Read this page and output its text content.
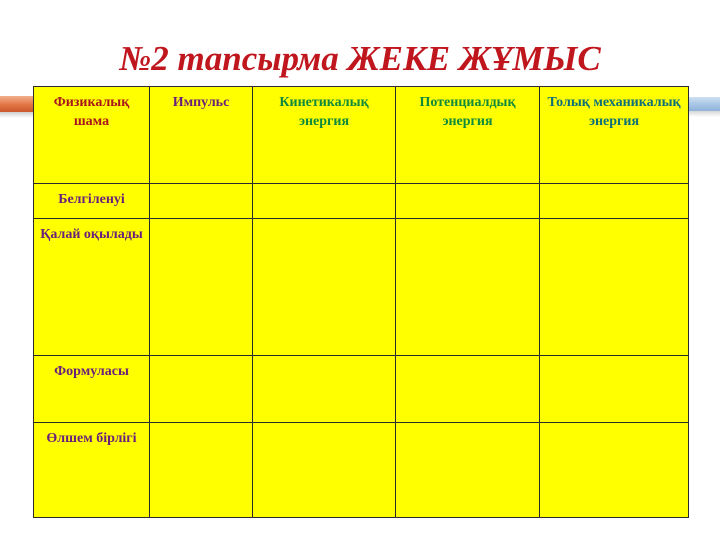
№2 тапсырма ЖЕКЕ ЖҰМЫС
Физикалық шама	Импульс	Кинетикалық энергия	Потенциалдық энергия	Толық механикалық энергия
Белгіленуі				
Қалай оқылады				
Формуласы				
Өлшем бірлігі				
